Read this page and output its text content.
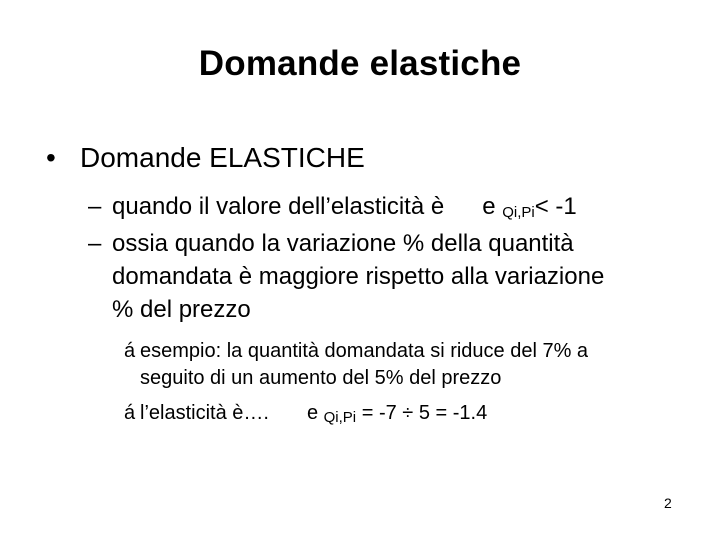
Domande elastiche
• Domande ELASTICHE
– quando il valore dell’elasticità è e $_{Qi,Pi}$< -1
– ossia quando la variazione % della quantità
domandata è maggiore rispetto alla variazione
% del prezzo
á esempio: la quantità domandata si riduce del 7% a
seguito di un aumento del 5% del prezzo
á l’elasticità è…. e $_{Qi,Pi}$ = -7 ÷ 5 = -1.4
2
